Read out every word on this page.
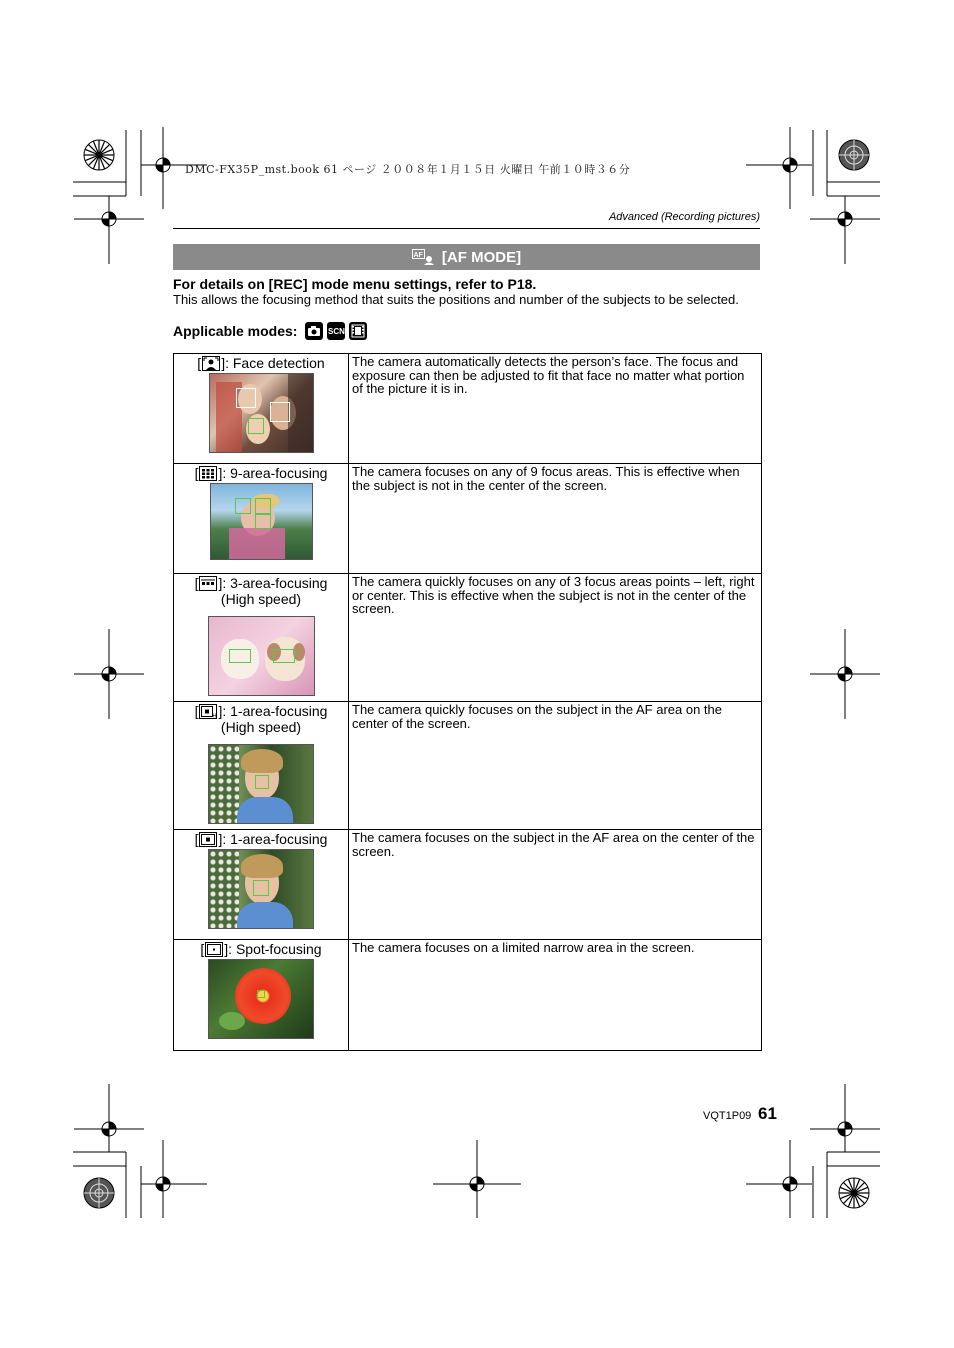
DMC-FX35P_mst.book 61 ページ ２００８年１月１５日 火曜日 午前１０時３６分
Advanced (Recording pictures)
AF [AF MODE]
For details on [REC] mode menu settings, refer to P18.
This allows the focusing method that suits the positions and number of the subjects to be selected.
Applicable modes:	SCN
[ ]: Face detection	The camera automatically detects the person’s face. The focus and exposure can then be adjusted to fit that face no matter what portion of the picture it is in.

[ ]: 9-area-focusing	The camera focuses on any of 9 focus areas. This is effective when the subject is not in the center of the screen.

[ ]: 3-area-focusing
(High speed)	The camera quickly focuses on any of 3 focus areas points – left, right or center. This is effective when the subject is not in the center of the screen.

[ H ]: 1-area-focusing
(High speed)	The camera quickly focuses on the subject in the AF area on the center of the screen.

[ ]: 1-area-focusing	The camera focuses on the subject in the AF area on the center of the screen.

[ ]: Spot-focusing	The camera focuses on a limited narrow area in the screen.
VQT1P09 61
